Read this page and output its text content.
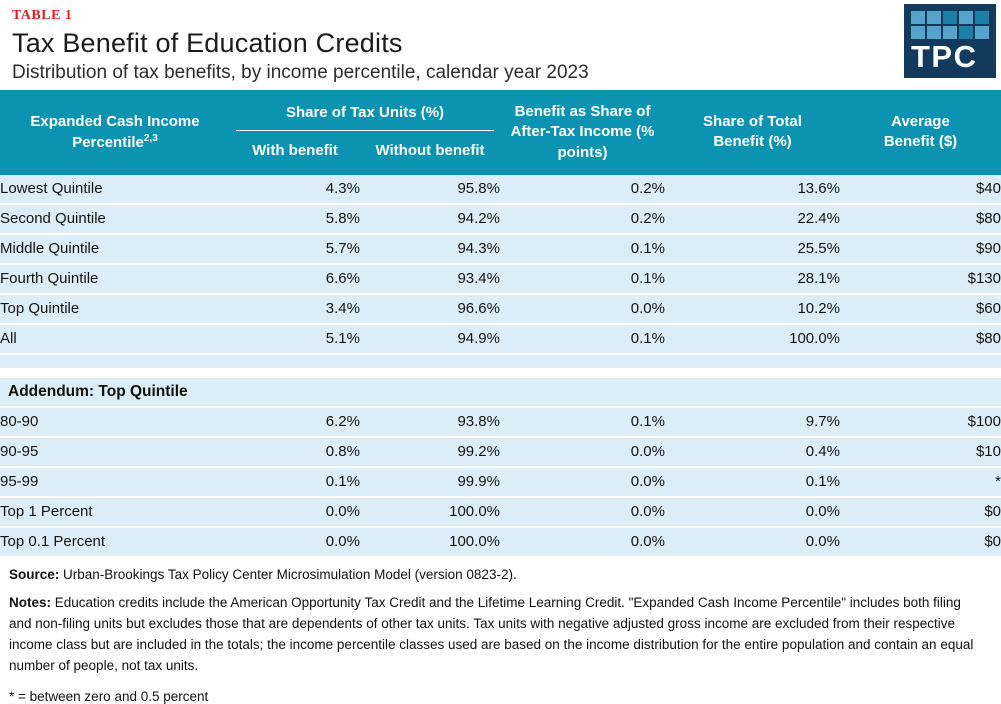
TABLE 1
Tax Benefit of Education Credits
Distribution of tax benefits, by income percentile, calendar year 2023	TPC
Expanded Cash Income
Percentile$^{2,3}$
Share of Tax Units (%)
With benefit	Without benefit
Benefit as Share of After-Tax Income (% points)
Share of Total Benefit (%)
Average Benefit ($)
Lowest Quintile	4.3%	95.8%	0.2%	13.6%	$40
Second Quintile	5.8%	94.2%	0.2%	22.4%	$80
Middle Quintile	5.7%	94.3%	0.1%	25.5%	$90
Fourth Quintile	6.6%	93.4%	0.1%	28.1%	$130
Top Quintile	3.4%	96.6%	0.0%	10.2%	$60
All	5.1%	94.9%	0.1%	100.0%	$80

Addendum: Top Quintile					
80-90	6.2%	93.8%	0.1%	9.7%	$100
90-95	0.8%	99.2%	0.0%	0.4%	$10
95-99	0.1%	99.9%	0.0%	0.1%	*
Top 1 Percent	0.0%	100.0%	0.0%	0.0%	$0
Top 0.1 Percent	0.0%	100.0%	0.0%	0.0%	$0

Source: Urban-Brookings Tax Policy Center Microsimulation Model (version 0823-2).

Notes: Education credits include the American Opportunity Tax Credit and the Lifetime Learning Credit. "Expanded Cash Income Percentile" includes both filing and non-filing units but excludes those that are dependents of other tax units. Tax units with negative adjusted gross income are excluded from their respective income class but are included in the totals; the income percentile classes used are based on the income distribution for the entire population and contain an equal number of people, not tax units.

* = between zero and 0.5 percent
